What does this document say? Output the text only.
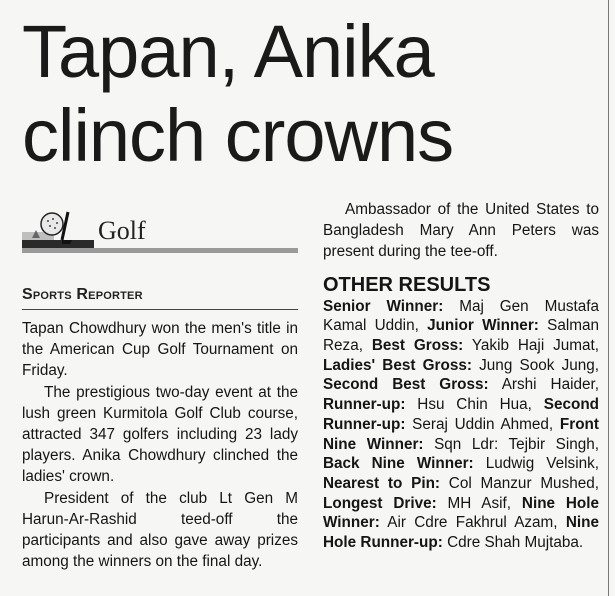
Tapan, Anika clinch crowns
Golf
Sports Reporter

Tapan Chowdhury won the men's title in the American Cup Golf Tournament on Friday.

The prestigious two-day event at the lush green Kurmitola Golf Club course, attracted 347 golfers including 23 lady players. Anika Chowdhury clinched the ladies' crown.

President of the club Lt Gen M Harun-Ar-Rashid teed-off the participants and also gave away prizes among the winners on the final day.

Ambassador of the United States to Bangladesh Mary Ann Peters was present during the tee-off.

OTHER RESULTS

Senior Winner: Maj Gen Mustafa Kamal Uddin, Junior Winner: Salman Reza, Best Gross: Yakib Haji Jumat, Ladies' Best Gross: Jung Sook Jung, Second Best Gross: Arshi Haider, Runner-up: Hsu Chin Hua, Second Runner-up: Seraj Uddin Ahmed, Front Nine Winner: Sqn Ldr: Tejbir Singh, Back Nine Winner: Ludwig Velsink, Nearest to Pin: Col Manzur Mushed, Longest Drive: MH Asif, Nine Hole Winner: Air Cdre Fakhrul Azam, Nine Hole Runner-up: Cdre Shah Mujtaba.
